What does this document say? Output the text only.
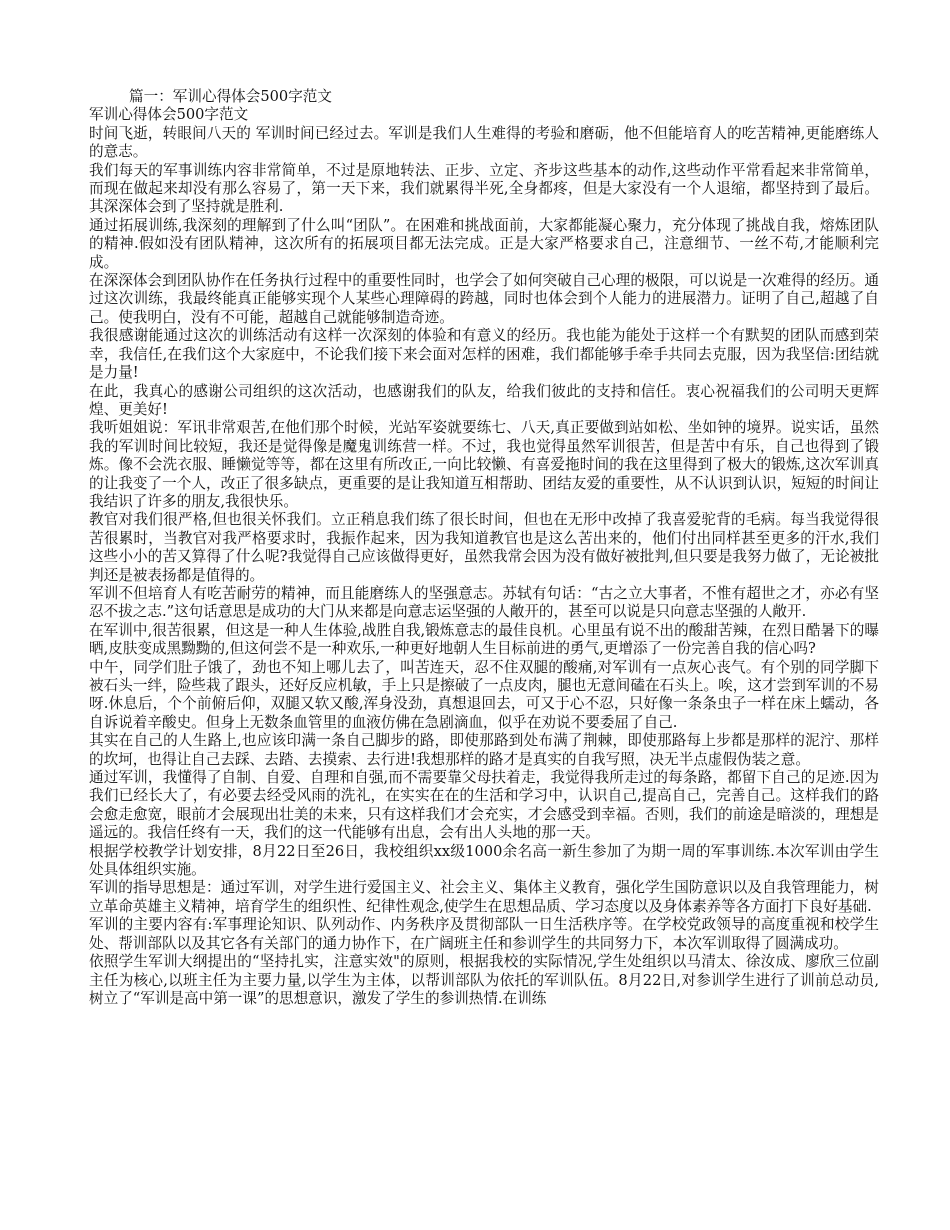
篇一：军训心得体会500字范文

军训心得体会500字范文

时间飞逝，转眼间八天的 军训时间已经过去。军训是我们人生难得的考验和磨砺，他不但能培育人的吃苦精神,更能磨练人的意志。

我们每天的军事训练内容非常简单，不过是原地转法、正步、立定、齐步这些基本的动作,这些动作平常看起来非常简单，而现在做起来却没有那么容易了，第一天下来，我们就累得半死,全身都疼，但是大家没有一个人退缩，都坚持到了最后。其深深体会到了坚持就是胜利.

通过拓展训练,我深刻的理解到了什么叫“团队”。在困难和挑战面前，大家都能凝心聚力，充分体现了挑战自我，熔炼团队的精神.假如没有团队精神，这次所有的拓展项目都无法完成。正是大家严格要求自己，注意细节、一丝不苟,才能顺利完成。

在深深体会到团队协作在任务执行过程中的重要性同时，也学会了如何突破自己心理的极限，可以说是一次难得的经历。通过这次训练，我最终能真正能够实现个人某些心理障碍的跨越，同时也体会到个人能力的进展潜力。证明了自己,超越了自己。使我明白，没有不可能，超越自己就能够制造奇迹。

我很感谢能通过这次的训练活动有这样一次深刻的体验和有意义的经历。我也能为能处于这样一个有默契的团队而感到荣幸，我信任,在我们这个大家庭中，不论我们接下来会面对怎样的困难，我们都能够手牵手共同去克服，因为我坚信:团结就是力量!

在此，我真心的感谢公司组织的这次活动，也感谢我们的队友，给我们彼此的支持和信任。衷心祝福我们的公司明天更辉煌、更美好!

我听姐姐说：军讯非常艰苦,在他们那个时候，光站军姿就要练七、八天,真正要做到站如松、坐如钟的境界。说实话，虽然我的军训时间比较短，我还是觉得像是魔鬼训练营一样。不过，我也觉得虽然军训很苦，但是苦中有乐，自己也得到了锻炼。像不会洗衣服、睡懒觉等等，都在这里有所改正,一向比较懒、有喜爱拖时间的我在这里得到了极大的锻炼,这次军训真的让我变了一个人，改正了很多缺点，更重要的是让我知道互相帮助、团结友爱的重要性，从不认识到认识，短短的时间让我结识了许多的朋友,我很快乐。

教官对我们很严格,但也很关怀我们。立正稍息我们练了很长时间，但也在无形中改掉了我喜爱驼背的毛病。每当我觉得很苦很累时，当教官对我严格要求时，我振作起来，因为我知道教官也是这么苦出来的，他们付出同样甚至更多的汗水,我们这些小小的苦又算得了什么呢?我觉得自己应该做得更好，虽然我常会因为没有做好被批判,但只要是我努力做了，无论被批判还是被表扬都是值得的。

军训不但培育人有吃苦耐劳的精神，而且能磨练人的坚强意志。苏轼有句话：“古之立大事者，不惟有超世之才，亦必有坚忍不拔之志.”这句话意思是成功的大门从来都是向意志运坚强的人敞开的，甚至可以说是只向意志坚强的人敞开.

在军训中,很苦很累，但这是一种人生体验,战胜自我,锻炼意志的最佳良机。心里虽有说不出的酸甜苦辣，在烈日酷暑下的曝晒,皮肤变成黑黝黝的,但这何尝不是一种欢乐,一种更好地朝人生目标前进的勇气,更增添了一份完善自我的信心吗?

中午，同学们肚子饿了，劲也不知上哪儿去了，叫苦连天，忍不住双腿的酸痛,对军训有一点灰心丧气。有个别的同学脚下被石头一绊，险些栽了跟头，还好反应机敏，手上只是擦破了一点皮肉，腿也无意间磕在石头上。唉，这才尝到军训的不易呀.休息后，个个前俯后仰，双腿又软又酸,浑身没劲，真想退回去，可又于心不忍，只好像一条条虫子一样在床上蠕动，各自诉说着辛酸史。但身上无数条血管里的血液仿佛在急剧滴血，似乎在劝说不要委屈了自己.

其实在自己的人生路上,也应该印满一条自己脚步的路，即使那路到处布满了荆棘，即使那路每上步都是那样的泥泞、那样的坎坷，也得让自己去踩、去踏、去摸索、去行进!我想那样的路才是真实的自我写照，决无半点虚假伪装之意。

通过军训，我懂得了自制、自爱、自理和自强,而不需要靠父母扶着走，我觉得我所走过的每条路，都留下自己的足迹.因为我们已经长大了，有必要去经受风雨的洗礼，在实实在在的生活和学习中，认识自己,提高自己，完善自己。这样我们的路会愈走愈宽，眼前才会展现出壮美的未来，只有这样我们才会充实，才会感受到幸福。否则，我们的前途是暗淡的，理想是遥远的。我信任终有一天，我们的这一代能够有出息，会有出人头地的那一天。

根据学校教学计划安排，8月22日至26日，我校组织xx级1000余名高一新生参加了为期一周的军事训练.本次军训由学生处具体组织实施。

军训的指导思想是：通过军训，对学生进行爱国主义、社会主义、集体主义教育，强化学生国防意识以及自我管理能力，树立革命英雄主义精神，培育学生的组织性、纪律性观念,使学生在思想品质、学习态度以及身体素养等各方面打下良好基础.

军训的主要内容有:军事理论知识、队列动作、内务秩序及贯彻部队一日生活秩序等。在学校党政领导的高度重视和校学生处、帮训部队以及其它各有关部门的通力协作下，在广阔班主任和参训学生的共同努力下，本次军训取得了圆满成功。

依照学生军训大纲提出的“坚持扎实，注意实效"的原则，根据我校的实际情况,学生处组织以马清太、徐汝成、廖欣三位副主任为核心,以班主任为主要力量,以学生为主体，以帮训部队为依托的军训队伍。8月22日,对参训学生进行了训前总动员,树立了“军训是高中第一课”的思想意识，激发了学生的参训热情.在训练
